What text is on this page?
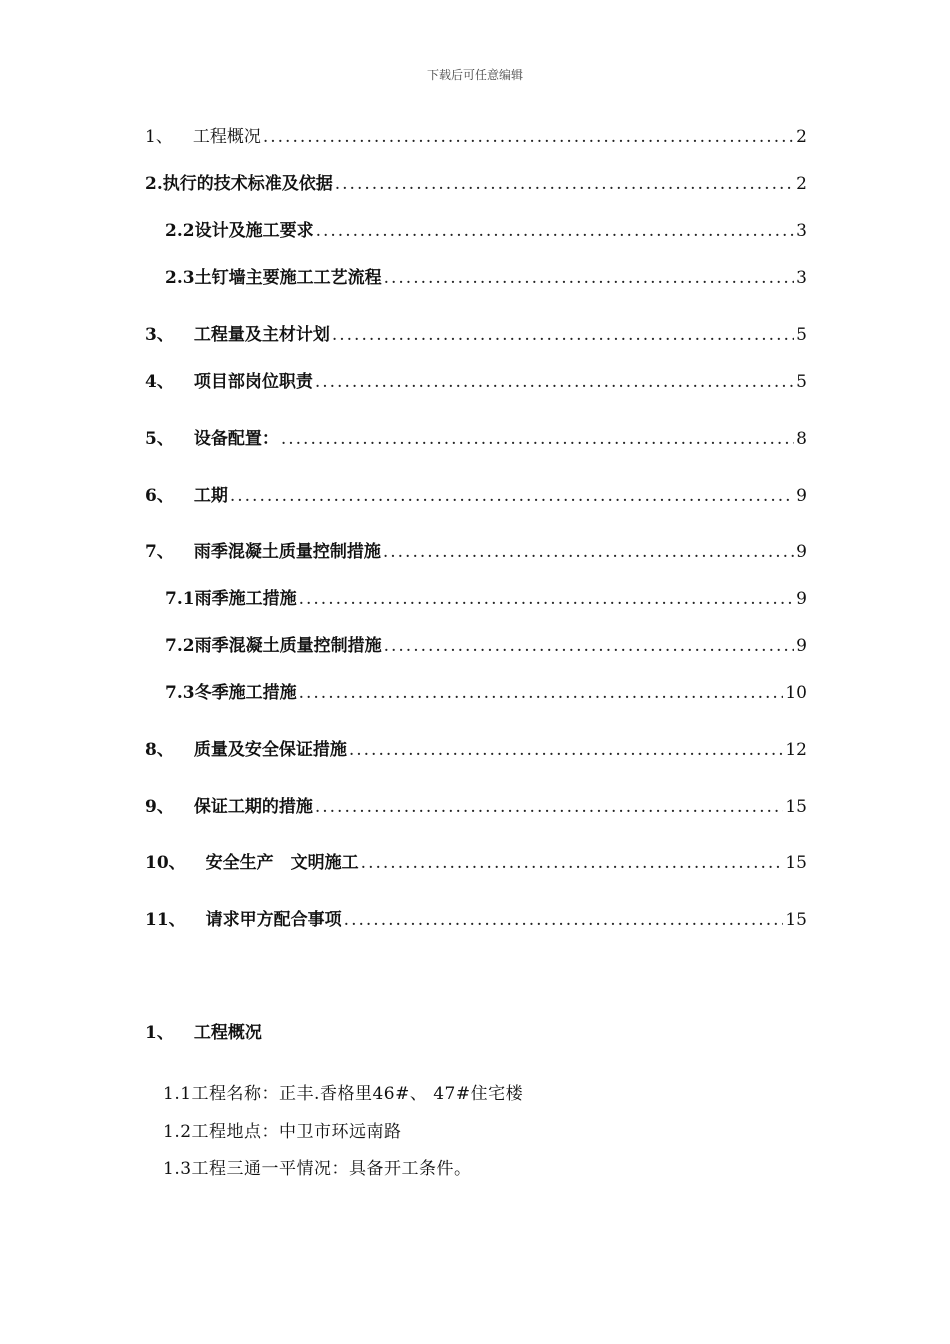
下载后可任意编辑
1、 工程概况 .....	2
2.执行的技术标准及依据 .....	2
2.2设计及施工要求 .....	3
2.3土钉墙主要施工工艺流程 .....	3
3、 工程量及主材计划 .....	5
4、 项目部岗位职责 .....	5
5、 设备配置： .....	8
6、 工期 .....	9
7、 雨季混凝土质量控制措施 .....	9
7.1雨季施工措施 .....	9
7.2雨季混凝土质量控制措施 .....	9
7.3冬季施工措施 .....	10
8、 质量及安全保证措施 .....	12
9、 保证工期的措施 .....	15
10、 安全生产　文明施工 .....	15
11、 请求甲方配合事项 .....	15
1、 工程概况
1.1工程名称：正丰.香格里46#、 47#住宅楼
1.2工程地点：中卫市环远南路
1.3工程三通一平情况：具备开工条件。
